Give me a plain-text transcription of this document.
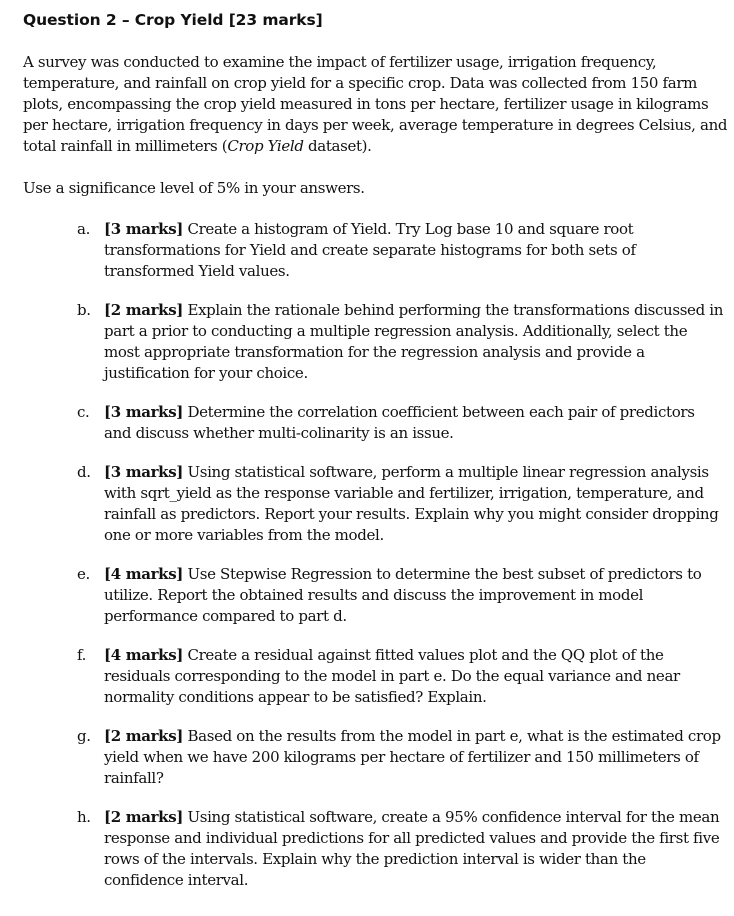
Question 2 – Crop Yield [23 marks]

A survey was conducted to examine the impact of fertilizer usage, irrigation frequency, temperature, and rainfall on crop yield for a specific crop. Data was collected from 150 farm plots, encompassing the crop yield measured in tons per hectare, fertilizer usage in kilograms per hectare, irrigation frequency in days per week, average temperature in degrees Celsius, and total rainfall in millimeters (Crop Yield dataset).

Use a significance level of 5% in your answers.

a. [3 marks] Create a histogram of Yield. Try Log base 10 and square root transformations for Yield and create separate histograms for both sets of transformed Yield values.
b. [2 marks] Explain the rationale behind performing the transformations discussed in part a prior to conducting a multiple regression analysis. Additionally, select the most appropriate transformation for the regression analysis and provide a justification for your choice.
c. [3 marks] Determine the correlation coefficient between each pair of predictors and discuss whether multi-colinarity is an issue.
d. [3 marks] Using statistical software, perform a multiple linear regression analysis with sqrt_yield as the response variable and fertilizer, irrigation, temperature, and rainfall as predictors. Report your results. Explain why you might consider dropping one or more variables from the model.
e. [4 marks] Use Stepwise Regression to determine the best subset of predictors to utilize. Report the obtained results and discuss the improvement in model performance compared to part d.
f. [4 marks] Create a residual against fitted values plot and the QQ plot of the residuals corresponding to the model in part e. Do the equal variance and near normality conditions appear to be satisfied? Explain.
g. [2 marks] Based on the results from the model in part e, what is the estimated crop yield when we have 200 kilograms per hectare of fertilizer and 150 millimeters of rainfall?
h. [2 marks] Using statistical software, create a 95% confidence interval for the mean response and individual predictions for all predicted values and provide the first five rows of the intervals. Explain why the prediction interval is wider than the confidence interval.
